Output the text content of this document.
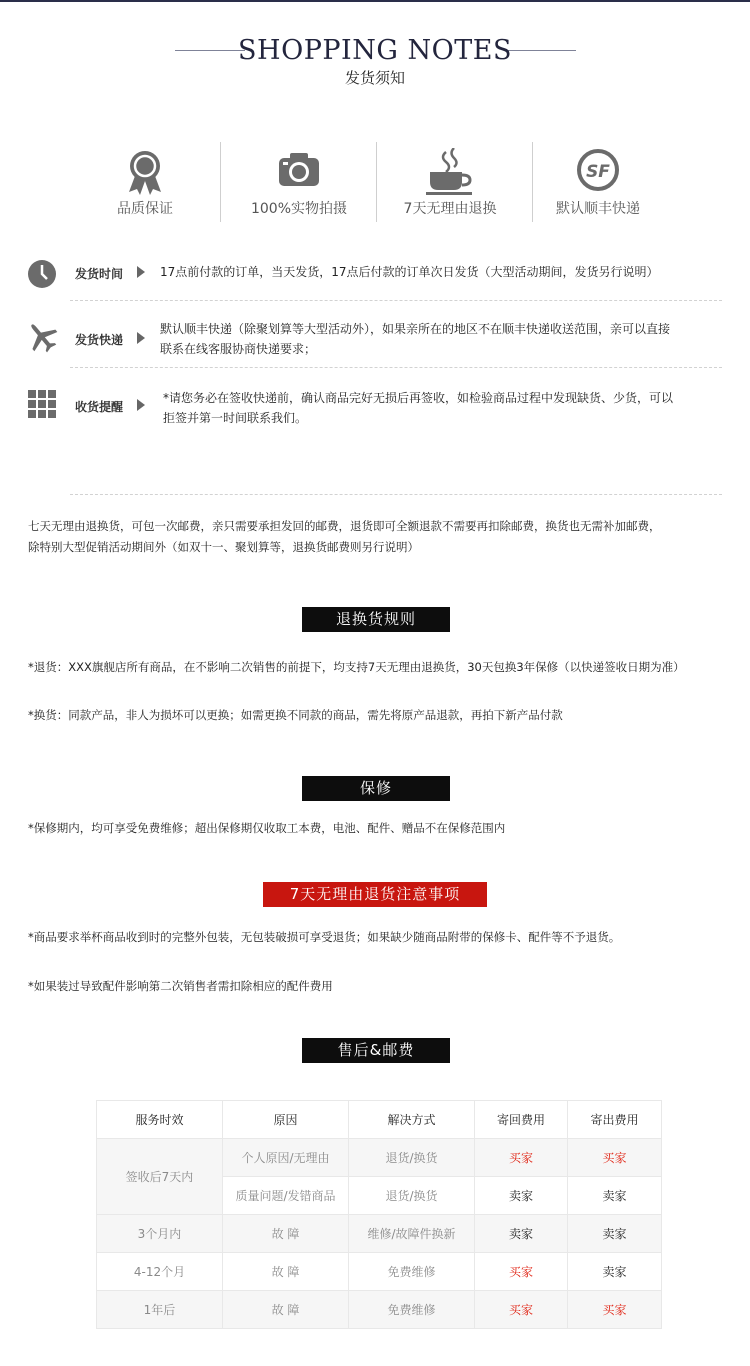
SHOPPING NOTES
发货须知
品质保证	100%实物拍摄	7天无理由退换
SF
默认顺丰快递
发货时间	17点前付款的订单，当天发货，17点后付款的订单次日发货（大型活动期间，发货另行说明）
发货快递
默认顺丰快递（除聚划算等大型活动外），如果亲所在的地区不在顺丰快递收送范围，亲可以直接
联系在线客服协商快递要求；
收货提醒
*请您务必在签收快递前，确认商品完好无损后再签收，如检验商品过程中发现缺货、少货，可以
拒签并第一时间联系我们。
七天无理由退换货，可包一次邮费，亲只需要承担发回的邮费，退货即可全额退款不需要再扣除邮费，换货也无需补加邮费，
除特别大型促销活动期间外（如双十一、聚划算等，退换货邮费则另行说明）
退换货规则
*退货：XXX旗舰店所有商品，在不影响二次销售的前提下，均支持7天无理由退换货，30天包换3年保修（以快递签收日期为准）
*换货：同款产品，非人为损坏可以更换；如需更换不同款的商品，需先将原产品退款，再拍下新产品付款
保修
*保修期内，均可享受免费维修；超出保修期仅收取工本费，电池、配件、赠品不在保修范围内
7天无理由退货注意事项
*商品要求举杯商品收到时的完整外包装，无包装破损可享受退货；如果缺少随商品附带的保修卡、配件等不予退货。
*如果装过导致配件影响第二次销售者需扣除相应的配件费用
售后&邮费
服务时效	原因	解决方式	寄回费用	寄出费用
签收后7天内	个人原因/无理由	退货/换货	买家	买家
	质量问题/发错商品	退货/换货	卖家	卖家
3个月内	故 障	维修/故障件换新	卖家	卖家
4-12个月	故 障	免费维修	买家	卖家
1年后	故 障	免费维修	买家	买家
